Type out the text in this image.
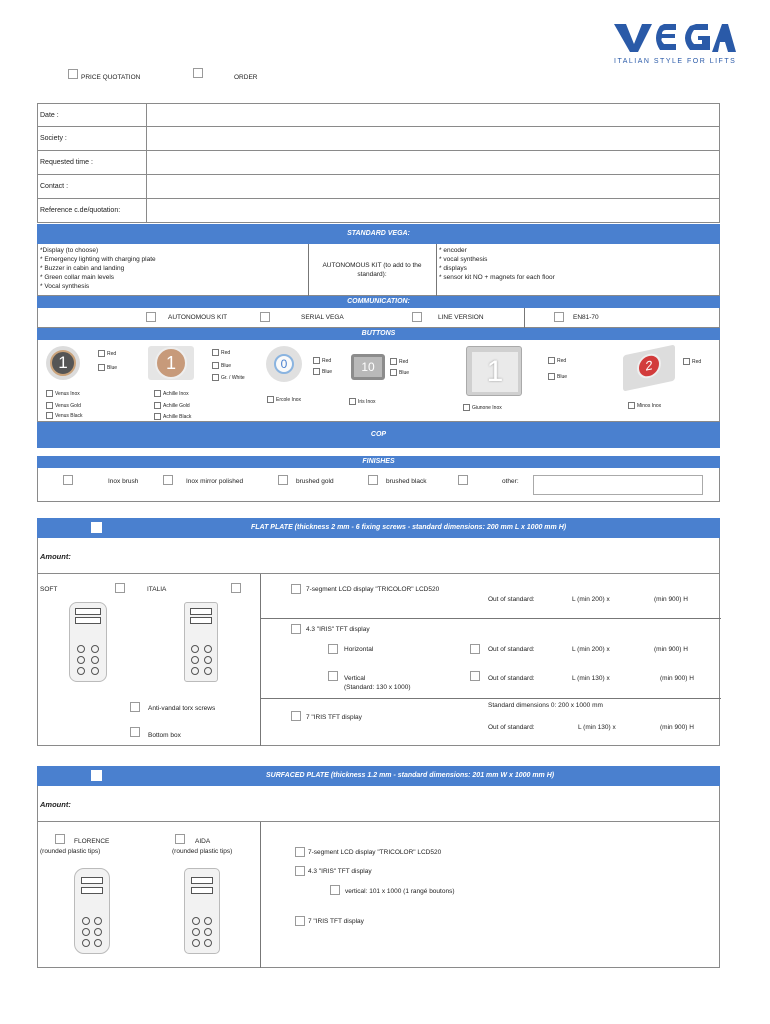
ITALIAN STYLE FOR LIFTS
PRICE QUOTATION	ORDER
Date :
Society :
Requested time :
Contact :
Reference c.de/quotation:
STANDARD VEGA:
*Display (to choose)
* Emergency lighting with charging plate
* Buzzer in cabin and landing
* Green collar main levels
* Vocal synthesis
AUTONOMOUS KIT (to add to the standard):
* encoder
* vocal synthesis
* displays
* sensor kit NO + magnets for each floor
COMMUNICATION:
AUTONOMOUS KIT	SERIAL VEGA	LINE VERSION	EN81-70
BUTTONS
1	Red
Blue
Venus Inox
Venus Gold
Venus Black
1	Red
Blue
Gr. / White
Achille Inox
Achille Gold
Achille Black
0	Red
Blue
Ercole Inox
10	Red
Blue
Iris Inox
1	Red
Blue
Giunone Inox
2	Red
Minos Inox
COP
FINISHES
Inox brush	Inox mirror polished	brushed gold	brushed black	other:
FLAT PLATE (thickness 2 mm - 6 fixing screws - standard dimensions: 200 mm L x 1000 mm H)
Amount:
SOFT	ITALIA
Anti-vandal torx screws
Bottom box
7-segment LCD display "TRICOLOR" LCD520
Out of standard:	L (min 200) x	(min 900) H
4.3 "IRIS" TFT display
Horizontal	Out of standard:	L (min 200) x	(min 900) H
Vertical
(Standard: 130 x 1000)
Out of standard:	L (min 130) x	(min 900) H
Standard dimensions 0: 200 x 1000 mm
7 "IRIS TFT display
Out of standard:	L (min 130) x	(min 900) H
SURFACED PLATE (thickness 1.2 mm - standard dimensions: 201 mm W x 1000 mm H)
Amount:
FLORENCE
(rounded plastic tips)
AIDA
(rounded plastic tips)	7-segment LCD display "TRICOLOR" LCD520
4.3 "IRIS" TFT display
vertical: 101 x 1000 (1 rangé boutons)
7 "IRIS TFT display
